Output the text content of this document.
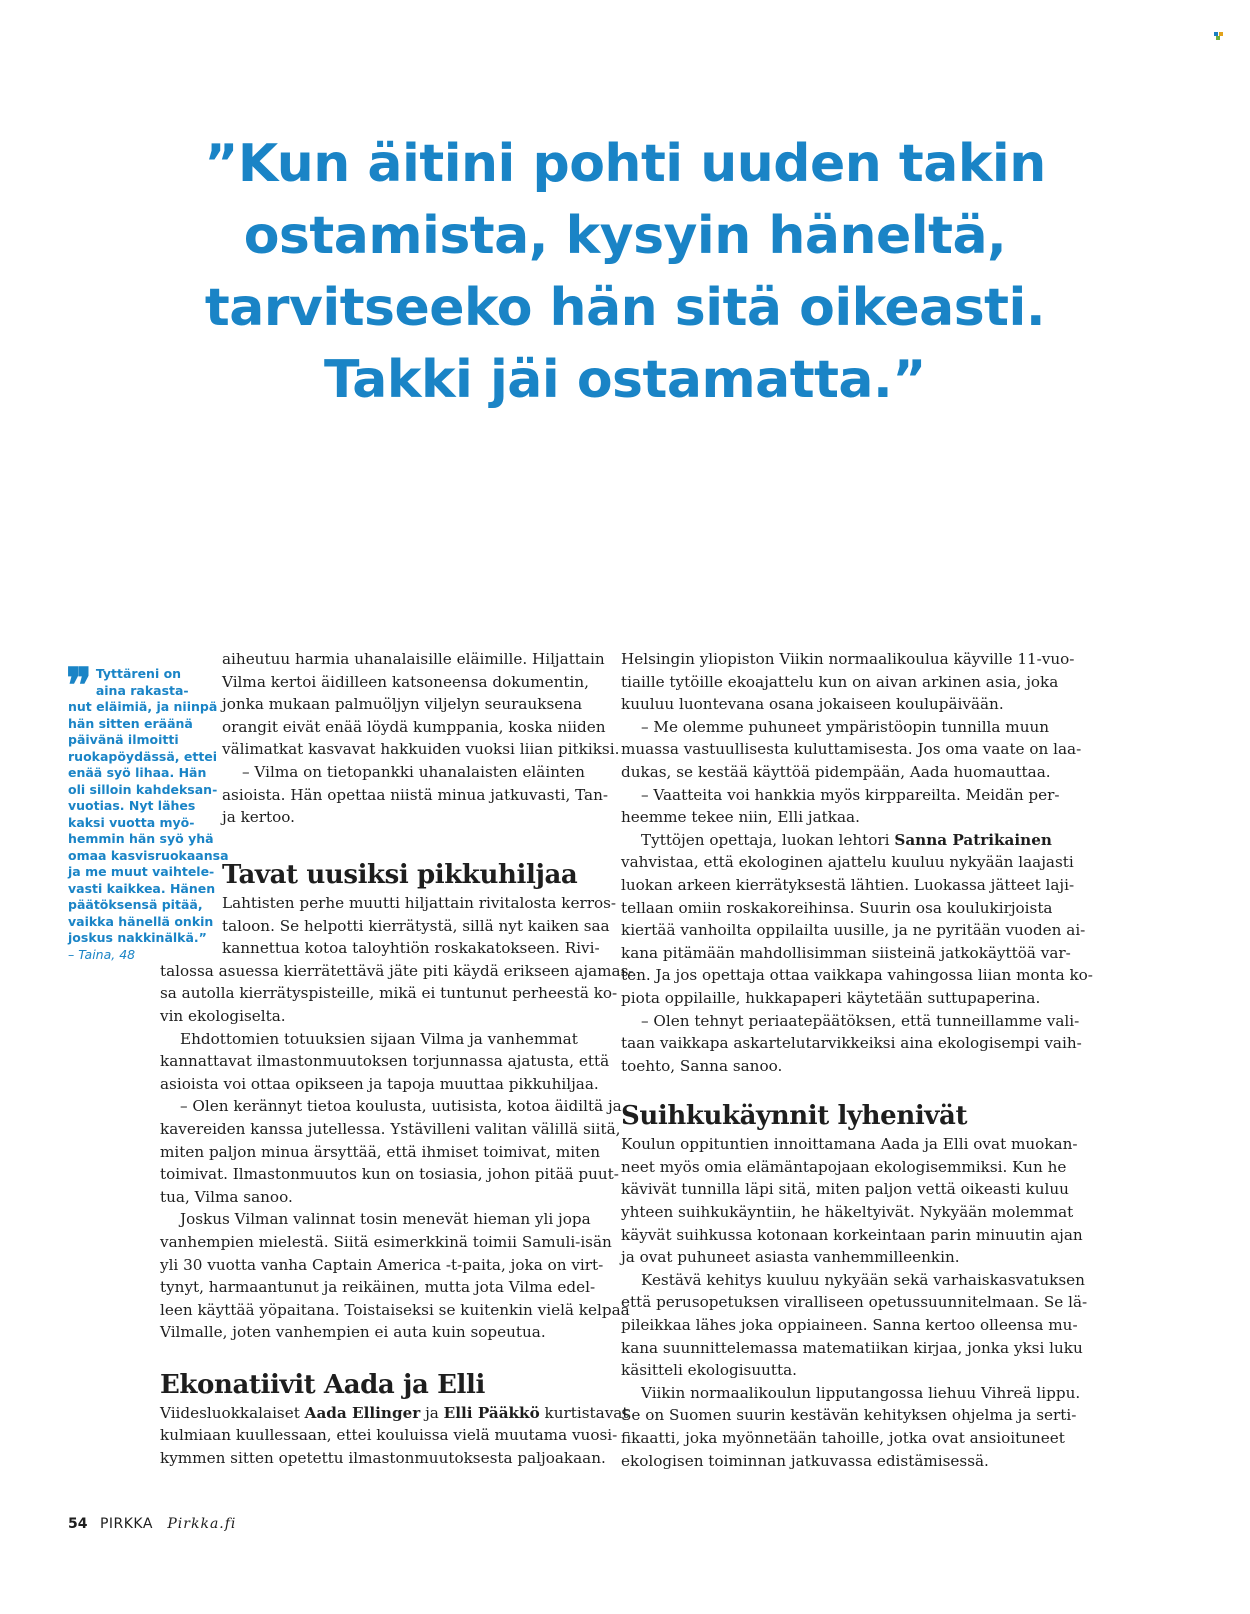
”Kun äitini pohti uuden takin
ostamista, kysyin häneltä,
tarvitseeko hän sitä oikeasti.
Takki jäi ostamatta.”
❞ Tyttäreni on
aina rakasta-
nut eläimiä, ja niinpä
hän sitten eräänä
päivänä ilmoitti
ruokapöydässä, ettei
enää syö lihaa. Hän
oli silloin kahdeksan-
vuotias. Nyt lähes
kaksi vuotta myö-
hemmin hän syö yhä
omaa kasvisruokaansa
ja me muut vaihtele-
vasti kaikkea. Hänen
päätöksensä pitää,
vaikka hänellä onkin
joskus nakkinälkä.”
– Taina, 48
aiheutuu harmia uhanalaisille eläimille. Hiljattain
Vilma kertoi äidilleen katsoneensa dokumentin,
jonka mukaan palmuöljyn viljelyn seurauksena
orangit eivät enää löydä kumppania, koska niiden
välimatkat kasvavat hakkuiden vuoksi liian pitkiksi.
– Vilma on tietopankki uhanalaisten eläinten
asioista. Hän opettaa niistä minua jatkuvasti, Tan-
ja kertoo.
Tavat uusiksi pikkuhiljaa
Lahtisten perhe muutti hiljattain rivitalosta kerros-
taloon. Se helpotti kierrätystä, sillä nyt kaiken saa
kannettua kotoa taloyhtiön roskakatokseen. Rivi-
talossa asuessa kierrätettävä jäte piti käydä erikseen ajamas-
sa autolla kierrätyspisteille, mikä ei tuntunut perheestä ko-
vin ekologiselta.
Ehdottomien totuuksien sijaan Vilma ja vanhemmat
kannattavat ilmastonmuutoksen torjunnassa ajatusta, että
asioista voi ottaa opikseen ja tapoja muuttaa pikkuhiljaa.
– Olen kerännyt tietoa koulusta, uutisista, kotoa äidiltä ja
kavereiden kanssa jutellessa. Ystävilleni valitan välillä siitä,
miten paljon minua ärsyttää, että ihmiset toimivat, miten
toimivat. Ilmastonmuutos kun on tosiasia, johon pitää puut-
tua, Vilma sanoo.
Joskus Vilman valinnat tosin menevät hieman yli jopa
vanhempien mielestä. Siitä esimerkkinä toimii Samuli-isän
yli 30 vuotta vanha Captain America -t-paita, joka on virt-
tynyt, harmaantunut ja reikäinen, mutta jota Vilma edel-
leen käyttää yöpaitana. Toistaiseksi se kuitenkin vielä kelpaa
Vilmalle, joten vanhempien ei auta kuin sopeutua.
Ekonatiivit Aada ja Elli
Viidesluokkalaiset Aada Ellinger ja Elli Pääkkö kurtistavat
kulmiaan kuullessaan, ettei kouluissa vielä muutama vuosi-
kymmen sitten opetettu ilmastonmuutoksesta paljoakaan.
Helsingin yliopiston Viikin normaalikoulua käyville 11-vuo-
tiaille tytöille ekoajattelu kun on aivan arkinen asia, joka
kuuluu luontevana osana jokaiseen koulupäivään.
– Me olemme puhuneet ympäristöopin tunnilla muun
muassa vastuullisesta kuluttamisesta. Jos oma vaate on laa-
dukas, se kestää käyttöä pidempään, Aada huomauttaa.
– Vaatteita voi hankkia myös kirppareilta. Meidän per-
heemme tekee niin, Elli jatkaa.
Tyttöjen opettaja, luokan lehtori Sanna Patrikainen
vahvistaa, että ekologinen ajattelu kuuluu nykyään laajasti
luokan arkeen kierrätyksestä lähtien. Luokassa jätteet laji-
tellaan omiin roskakoreihinsa. Suurin osa koulukirjoista
kiertää vanhoilta oppilailta uusille, ja ne pyritään vuoden ai-
kana pitämään mahdollisimman siisteinä jatkokäyttöä var-
ten. Ja jos opettaja ottaa vaikkapa vahingossa liian monta ko-
piota oppilaille, hukkapaperi käytetään suttupaperina.
– Olen tehnyt periaatepäätöksen, että tunneillamme vali-
taan vaikkapa askartelutarvikkeiksi aina ekologisempi vaih-
toehto, Sanna sanoo.
Suihkukäynnit lyhenivät
Koulun oppituntien innoittamana Aada ja Elli ovat muokan-
neet myös omia elämäntapojaan ekologisemmiksi. Kun he
kävivät tunnilla läpi sitä, miten paljon vettä oikeasti kuluu
yhteen suihkukäyntiin, he häkeltyivät. Nykyään molemmat
käyvät suihkussa kotonaan korkeintaan parin minuutin ajan
ja ovat puhuneet asiasta vanhemmilleenkin.
Kestävä kehitys kuuluu nykyään sekä varhaiskasvatuksen
että perusopetuksen viralliseen opetussuunnitelmaan. Se lä-
pileikkaa lähes joka oppiaineen. Sanna kertoo olleensa mu-
kana suunnittelemassa matematiikan kirjaa, jonka yksi luku
käsitteli ekologisuutta.
Viikin normaalikoulun lipputangossa liehuu Vihreä lippu.
Se on Suomen suurin kestävän kehityksen ohjelma ja serti-
fikaatti, joka myönnetään tahoille, jotka ovat ansioituneet
ekologisen toiminnan jatkuvassa edistämisessä.
54 PIRKKA Pirkka.fi
